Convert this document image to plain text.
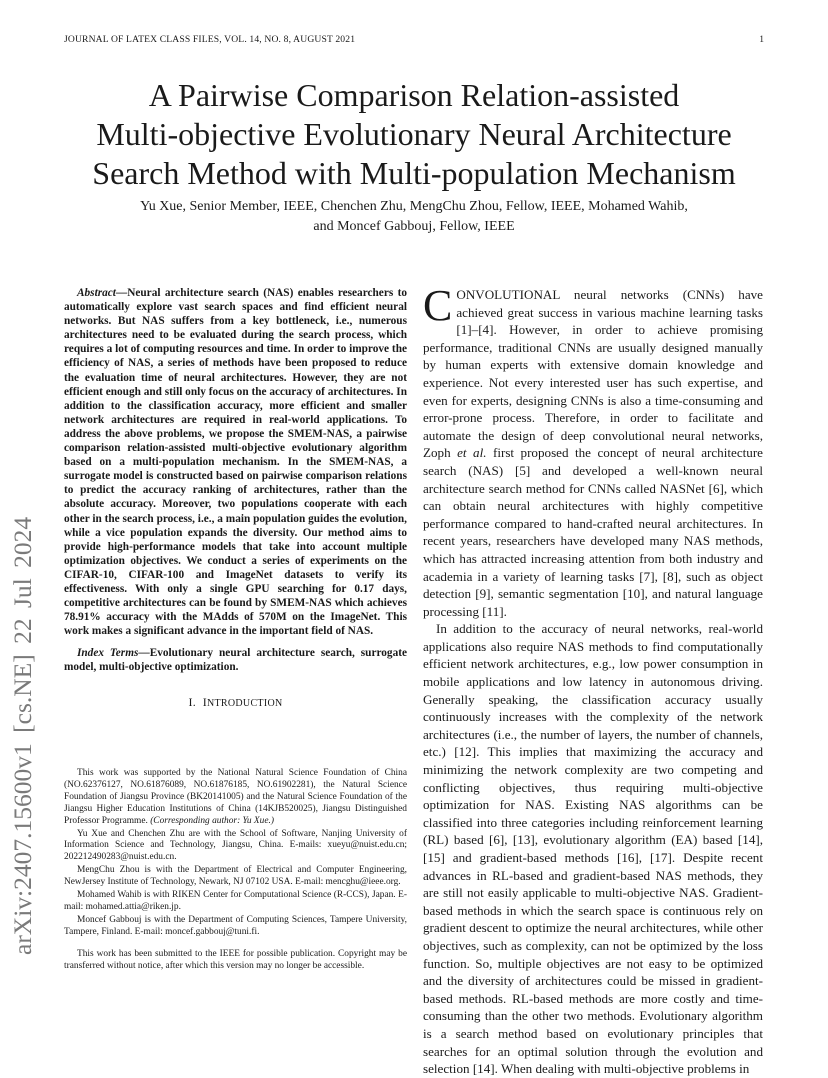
JOURNAL OF LATEX CLASS FILES, VOL. 14, NO. 8, AUGUST 2021	1
arXiv:2407.15600v1 [cs.NE] 22 Jul 2024
A Pairwise Comparison Relation-assisted
Multi-objective Evolutionary Neural Architecture
Search Method with Multi-population Mechanism
Yu Xue, Senior Member, IEEE, Chenchen Zhu, MengChu Zhou, Fellow, IEEE, Mohamed Wahib,
and Moncef Gabbouj, Fellow, IEEE

Abstract—Neural architecture search (NAS) enables researchers to automatically explore vast search spaces and find efficient neural networks. But NAS suffers from a key bottleneck, i.e., numerous architectures need to be evaluated during the search process, which requires a lot of computing resources and time. In order to improve the efficiency of NAS, a series of methods have been proposed to reduce the evaluation time of neural architectures. However, they are not efficient enough and still only focus on the accuracy of architectures. In addition to the classification accuracy, more efficient and smaller network architectures are required in real-world applications. To address the above problems, we propose the SMEM-NAS, a pairwise comparison relation-assisted multi-objective evolutionary algorithm based on a multi-population mechanism. In the SMEM-NAS, a surrogate model is constructed based on pairwise comparison relations to predict the accuracy ranking of architectures, rather than the absolute accuracy. Moreover, two populations cooperate with each other in the search process, i.e., a main population guides the evolution, while a vice population expands the diversity. Our method aims to provide high-performance models that take into account multiple optimization objectives. We conduct a series of experiments on the CIFAR-10, CIFAR-100 and ImageNet datasets to verify its effectiveness. With only a single GPU searching for 0.17 days, competitive architectures can be found by SMEM-NAS which achieves 78.91% accuracy with the MAdds of 570M on the ImageNet. This work makes a significant advance in the important field of NAS.

Index Terms—Evolutionary neural architecture search, surrogate model, multi-objective optimization.

I. INTRODUCTION

This work was supported by the National Natural Science Foundation of China (NO.62376127, NO.61876089, NO.61876185, NO.61902281), the Natural Science Foundation of Jiangsu Province (BK20141005) and the Natural Science Foundation of the Jiangsu Higher Education Institutions of China (14KJB520025), Jiangsu Distinguished Professor Programme. (Corresponding author: Yu Xue.)

Yu Xue and Chenchen Zhu are with the School of Software, Nanjing University of Information Science and Technology, Jiangsu, China. E-mails: xueyu@nuist.edu.cn; 202212490283@nuist.edu.cn.

MengChu Zhou is with the Department of Electrical and Computer Engineering, NewJersey Institute of Technology, Newark, NJ 07102 USA. E-mail: mencghu@ieee.org.

Mohamed Wahib is with RIKEN Center for Computational Science (R-CCS), Japan. E-mail: mohamed.attia@riken.jp.

Moncef Gabbouj is with the Department of Computing Sciences, Tampere University, Tampere, Finland. E-mail: moncef.gabbouj@tuni.fi.

This work has been submitted to the IEEE for possible publication. Copyright may be transferred without notice, after which this version may no longer be accessible.

CONVOLUTIONAL neural networks (CNNs) have achieved great success in various machine learning tasks [1]–[4]. However, in order to achieve promising performance, traditional CNNs are usually designed manually by human experts with extensive domain knowledge and experience. Not every interested user has such expertise, and even for experts, designing CNNs is also a time-consuming and error-prone process. Therefore, in order to facilitate and automate the design of deep convolutional neural networks, Zoph et al. first proposed the concept of neural architecture search (NAS) [5] and developed a well-known neural architecture search method for CNNs called NASNet [6], which can obtain neural architectures with highly competitive performance compared to hand-crafted neural architectures. In recent years, researchers have developed many NAS methods, which has attracted increasing attention from both industry and academia in a variety of learning tasks [7], [8], such as object detection [9], semantic segmentation [10], and natural language processing [11].

In addition to the accuracy of neural networks, real-world applications also require NAS methods to find computationally efficient network architectures, e.g., low power consumption in mobile applications and low latency in autonomous driving. Generally speaking, the classification accuracy usually continuously increases with the complexity of the network architectures (i.e., the number of layers, the number of channels, etc.) [12]. This implies that maximizing the accuracy and minimizing the network complexity are two competing and conflicting objectives, thus requiring multi-objective optimization for NAS. Existing NAS algorithms can be classified into three categories including reinforcement learning (RL) based [6], [13], evolutionary algorithm (EA) based [14], [15] and gradient-based methods [16], [17]. Despite recent advances in RL-based and gradient-based NAS methods, they are still not easily applicable to multi-objective NAS. Gradient-based methods in which the search space is continuous rely on gradient descent to optimize the neural architectures, while other objectives, such as complexity, can not be optimized by the loss function. So, multiple objectives are not easy to be optimized and the diversity of architectures could be missed in gradient-based methods. RL-based methods are more costly and time-consuming than the other two methods. Evolutionary algorithm is a search method based on evolutionary principles that searches for an optimal solution through the evolution and selection [14]. When dealing with multi-objective problems in
